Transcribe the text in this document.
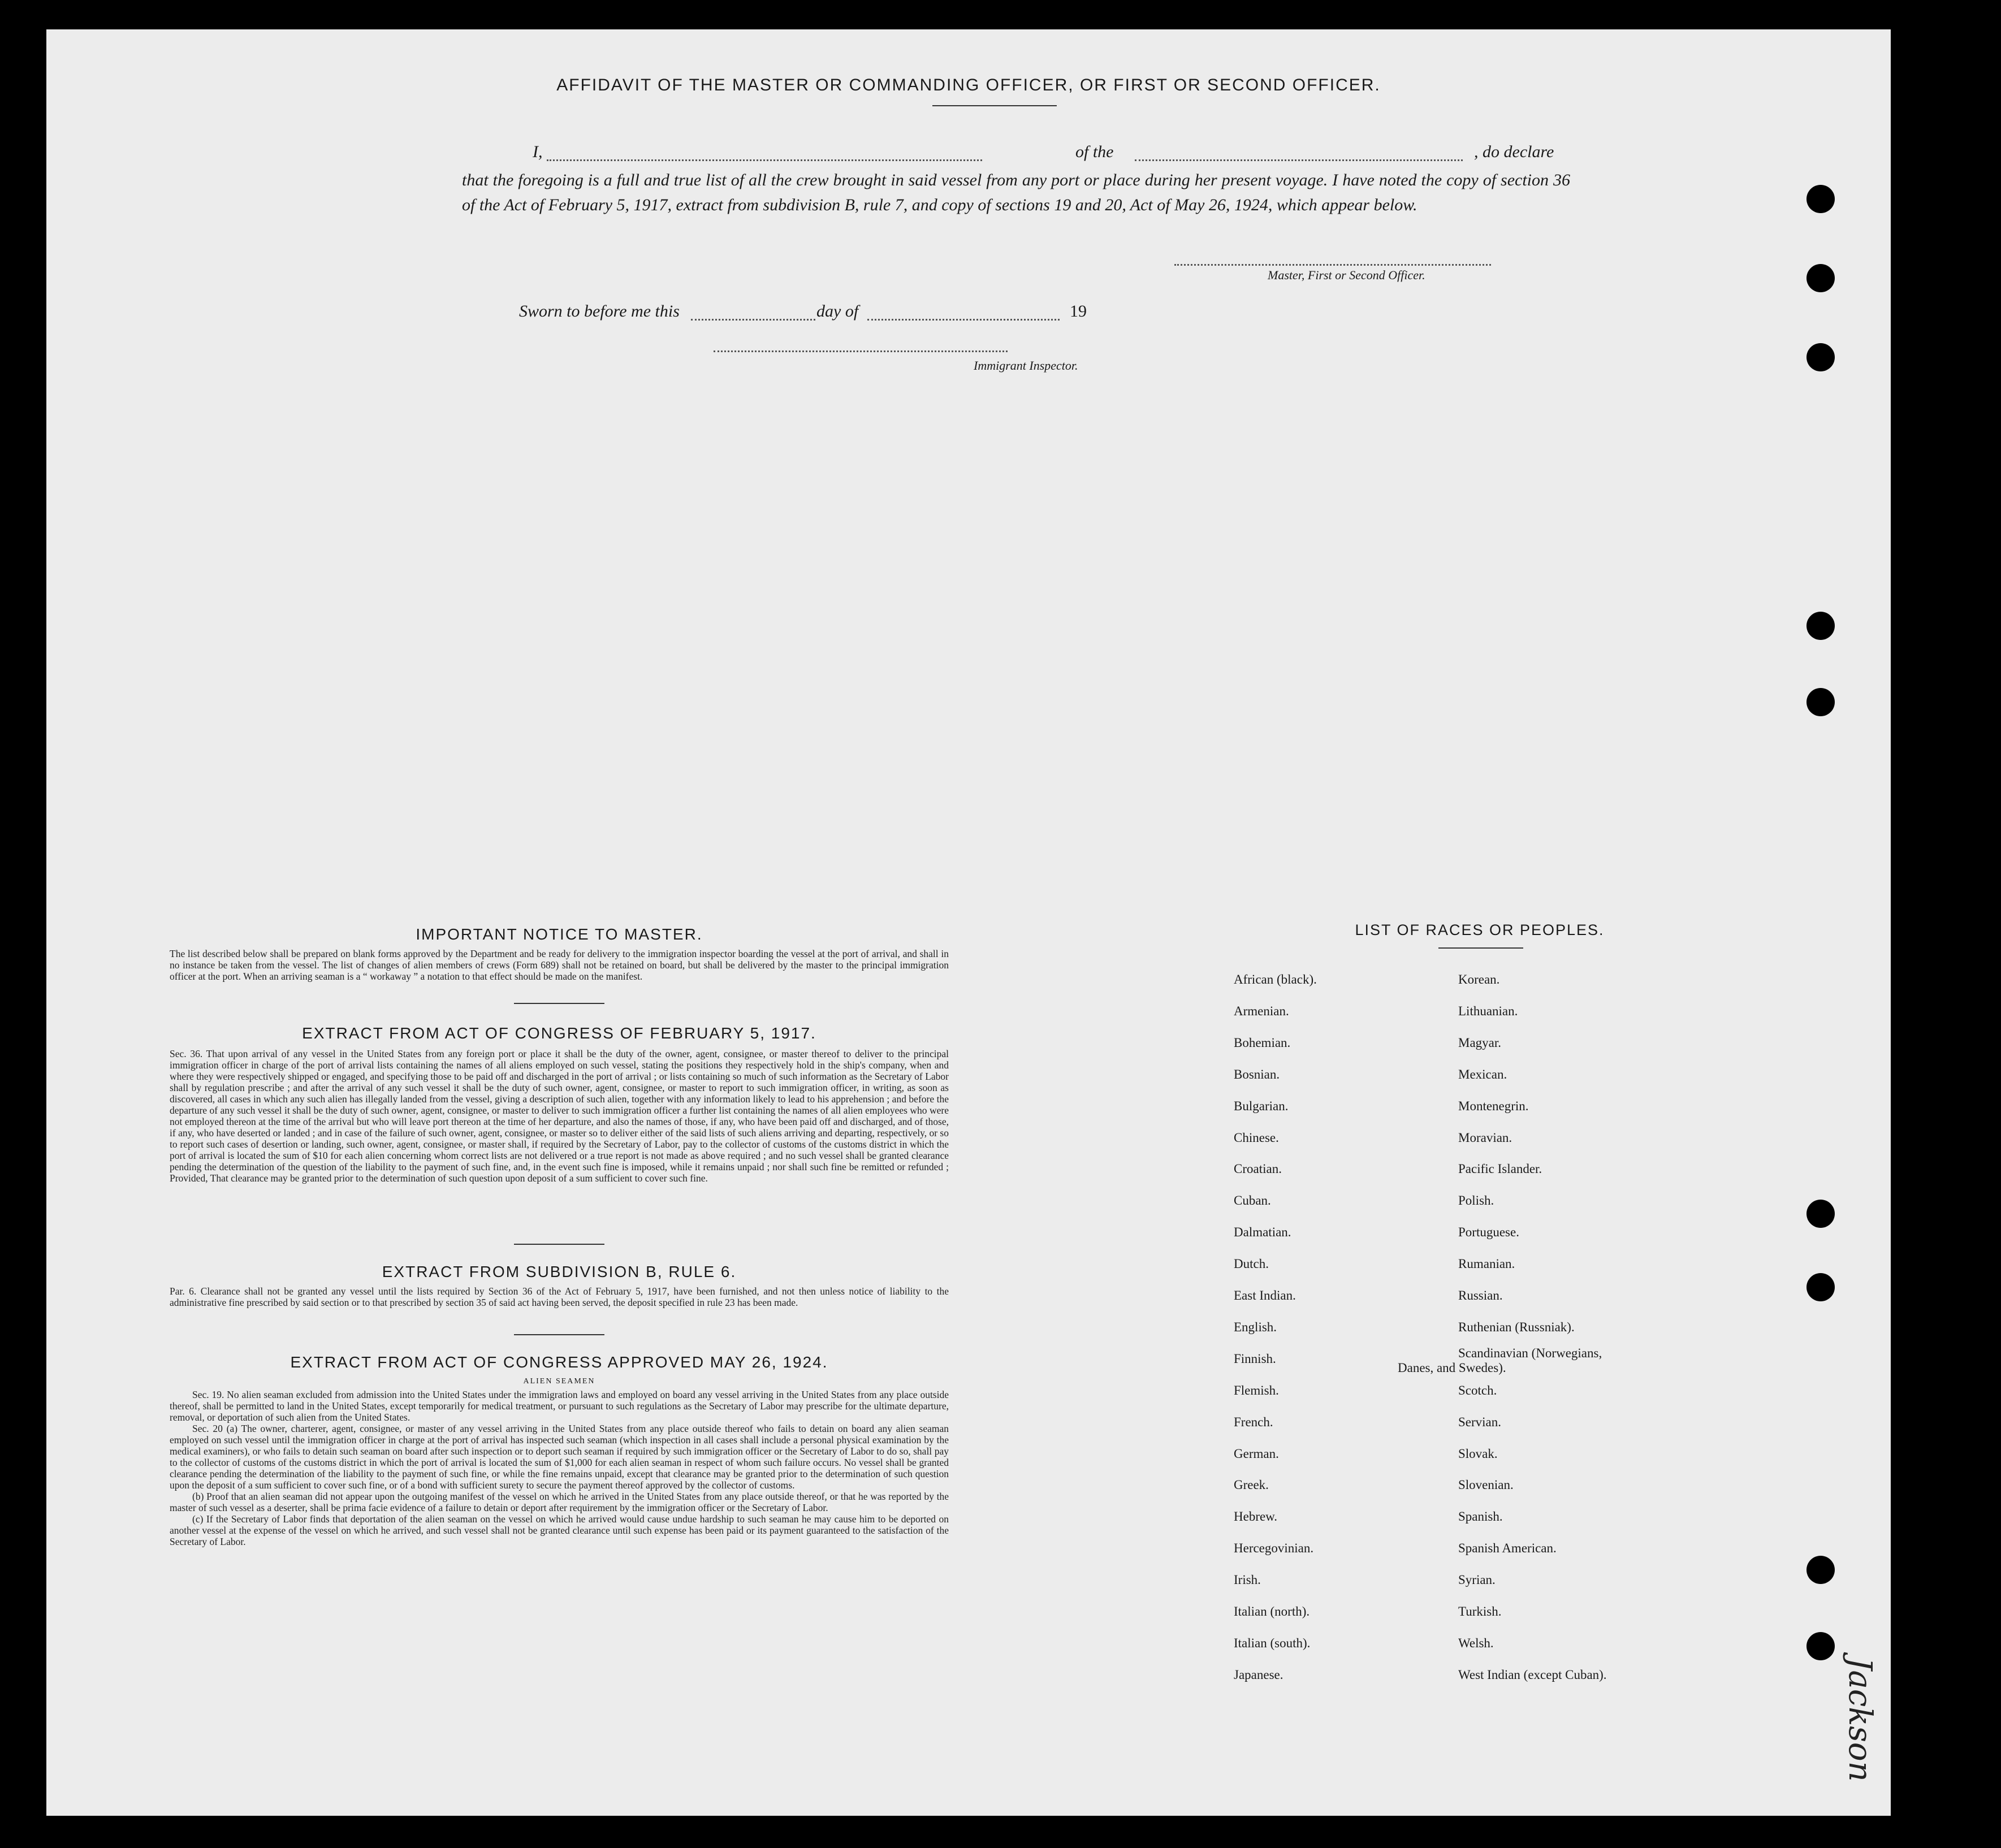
AFFIDAVIT OF THE MASTER OR COMMANDING OFFICER, OR FIRST OR SECOND OFFICER.
I,	of the	, do declare
that the foregoing is a full and true list of all the crew brought in said vessel from any port or place during her present voyage. I have noted the copy of section 36 of the Act of February 5, 1917, extract from subdivision B, rule 7, and copy of sections 19 and 20, Act of May 26, 1924, which appear below.
Master, First or Second Officer.
Sworn to before me this	day of	19
Immigrant Inspector.
IMPORTANT NOTICE TO MASTER.
The list described below shall be prepared on blank forms approved by the Department and be ready for delivery to the immigration inspector boarding the vessel at the port of arrival, and shall in no instance be taken from the vessel. The list of changes of alien members of crews (Form 689) shall not be retained on board, but shall be delivered by the master to the principal immigration officer at the port. When an arriving seaman is a “ workaway ” a notation to that effect should be made on the manifest.
EXTRACT FROM ACT OF CONGRESS OF FEBRUARY 5, 1917.
Sec. 36. That upon arrival of any vessel in the United States from any foreign port or place it shall be the duty of the owner, agent, consignee, or master thereof to deliver to the principal immigration officer in charge of the port of arrival lists containing the names of all aliens employed on such vessel, stating the positions they respectively hold in the ship's company, when and where they were respectively shipped or engaged, and specifying those to be paid off and discharged in the port of arrival ; or lists containing so much of such information as the Secretary of Labor shall by regulation prescribe ; and after the arrival of any such vessel it shall be the duty of such owner, agent, consignee, or master to report to such immigration officer, in writing, as soon as discovered, all cases in which any such alien has illegally landed from the vessel, giving a description of such alien, together with any information likely to lead to his apprehension ; and before the departure of any such vessel it shall be the duty of such owner, agent, consignee, or master to deliver to such immigration officer a further list containing the names of all alien employees who were not employed thereon at the time of the arrival but who will leave port thereon at the time of her departure, and also the names of those, if any, who have been paid off and discharged, and of those, if any, who have deserted or landed ; and in case of the failure of such owner, agent, consignee, or master so to deliver either of the said lists of such aliens arriving and departing, respectively, or so to report such cases of desertion or landing, such owner, agent, consignee, or master shall, if required by the Secretary of Labor, pay to the collector of customs of the customs district in which the port of arrival is located the sum of $10 for each alien concerning whom correct lists are not delivered or a true report is not made as above required ; and no such vessel shall be granted clearance pending the determination of the question of the liability to the payment of such fine, and, in the event such fine is imposed, while it remains unpaid ; nor shall such fine be remitted or refunded ; Provided, That clearance may be granted prior to the determination of such question upon deposit of a sum sufficient to cover such fine.
EXTRACT FROM SUBDIVISION B, RULE 6.
Par. 6. Clearance shall not be granted any vessel until the lists required by Section 36 of the Act of February 5, 1917, have been furnished, and not then unless notice of liability to the administrative fine prescribed by said section or to that prescribed by section 35 of said act having been served, the deposit specified in rule 23 has been made.
EXTRACT FROM ACT OF CONGRESS APPROVED MAY 26, 1924.
ALIEN SEAMEN
Sec. 19. No alien seaman excluded from admission into the United States under the immigration laws and employed on board any vessel arriving in the United States from any place outside thereof, shall be permitted to land in the United States, except temporarily for medical treatment, or pursuant to such regulations as the Secretary of Labor may prescribe for the ultimate departure, removal, or deportation of such alien from the United States.
Sec. 20 (a) The owner, charterer, agent, consignee, or master of any vessel arriving in the United States from any place outside thereof who fails to detain on board any alien seaman employed on such vessel until the immigration officer in charge at the port of arrival has inspected such seaman (which inspection in all cases shall include a personal physical examination by the medical examiners), or who fails to detain such seaman on board after such inspection or to deport such seaman if required by such immigration officer or the Secretary of Labor to do so, shall pay to the collector of customs of the customs district in which the port of arrival is located the sum of $1,000 for each alien seaman in respect of whom such failure occurs. No vessel shall be granted clearance pending the determination of the liability to the payment of such fine, or while the fine remains unpaid, except that clearance may be granted prior to the determination of such question upon the deposit of a sum sufficient to cover such fine, or of a bond with sufficient surety to secure the payment thereof approved by the collector of customs.
(b) Proof that an alien seaman did not appear upon the outgoing manifest of the vessel on which he arrived in the United States from any place outside thereof, or that he was reported by the master of such vessel as a deserter, shall be prima facie evidence of a failure to detain or deport after requirement by the immigration officer or the Secretary of Labor.
(c) If the Secretary of Labor finds that deportation of the alien seaman on the vessel on which he arrived would cause undue hardship to such seaman he may cause him to be deported on another vessel at the expense of the vessel on which he arrived, and such vessel shall not be granted clearance until such expense has been paid or its payment guaranteed to the satisfaction of the Secretary of Labor.
LIST OF RACES OR PEOPLES.
African (black).
Armenian.
Bohemian.
Bosnian.
Bulgarian.
Chinese.
Croatian.
Cuban.
Dalmatian.
Dutch.
East Indian.
English.
Finnish.
Flemish.
French.
German.
Greek.
Hebrew.
Hercegovinian.
Irish.
Italian (north).
Italian (south).
Japanese.
Korean.
Lithuanian.
Magyar.
Mexican.
Montenegrin.
Moravian.
Pacific Islander.
Polish.
Portuguese.
Rumanian.
Russian.
Ruthenian (Russniak).
Scandinavian (Norwegians,
Scotch.
Servian.
Slovak.
Slovenian.
Spanish.
Spanish American.
Syrian.
Turkish.
Welsh.
West Indian (except Cuban).
Danes, and Swedes).
Jackson
